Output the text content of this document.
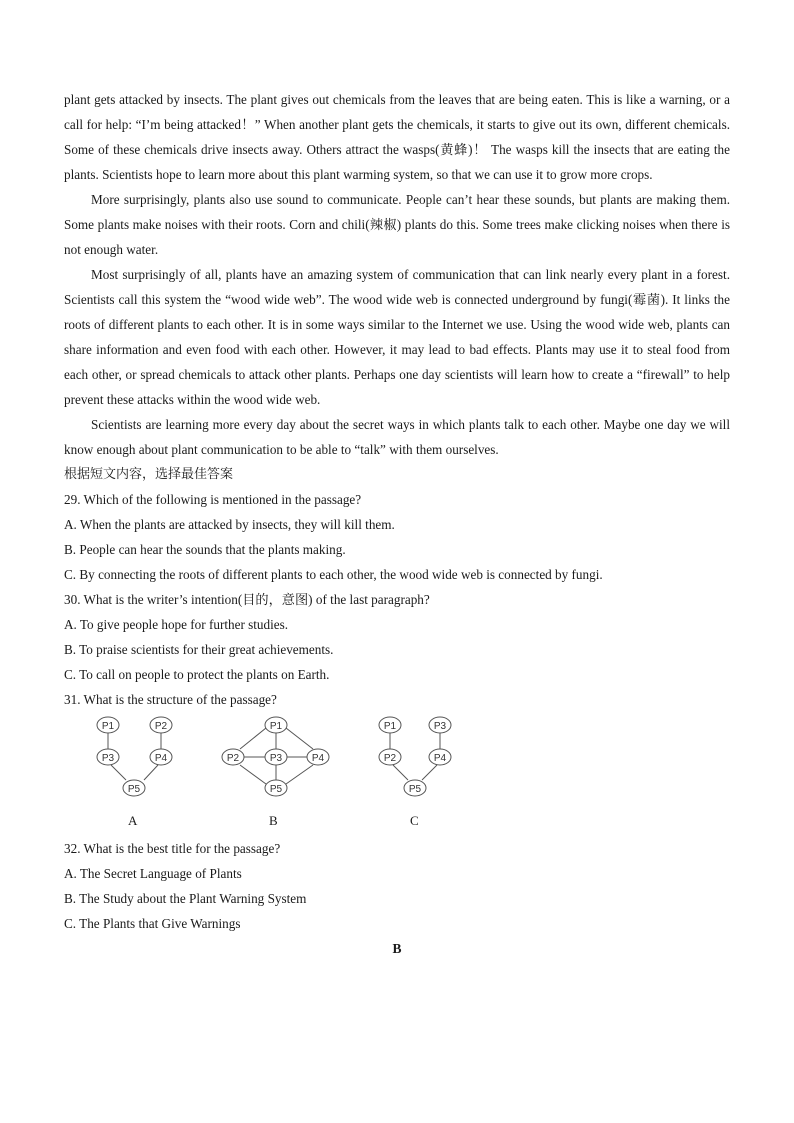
plant gets attacked by insects. The plant gives out chemicals from the leaves that are being eaten. This is like a warning, or a call for help: “I’m being attacked！” When another plant gets the chemicals, it starts to give out its own, different chemicals. Some of these chemicals drive insects away. Others attract the wasps(黄蜂)！ The wasps kill the insects that are eating the plants. Scientists hope to learn more about this plant warming system, so that we can use it to grow more crops.

More surprisingly, plants also use sound to communicate. People can’t hear these sounds, but plants are making them. Some plants make noises with their roots. Corn and chili(辣椒) plants do this. Some trees make clicking noises when there is not enough water.

Most surprisingly of all, plants have an amazing system of communication that can link nearly every plant in a forest. Scientists call this system the “wood wide web”. The wood wide web is connected underground by fungi(霉菌). It links the roots of different plants to each other. It is in some ways similar to the Internet we use. Using the wood wide web, plants can share information and even food with each other. However, it may lead to bad effects. Plants may use it to steal food from each other, or spread chemicals to attack other plants. Perhaps one day scientists will learn how to create a “firewall” to help prevent these attacks within the wood wide web.

Scientists are learning more every day about the secret ways in which plants talk to each other. Maybe one day we will know enough about plant communication to be able to “talk” with them ourselves.

根据短文内容，选择最佳答案

29. Which of the following is mentioned in the passage?

A. When the plants are attacked by insects, they will kill them.

B. People can hear the sounds that the plants making.

C. By connecting the roots of different plants to each other, the wood wide web is connected by fungi.

30. What is the writer’s intention(目的，意图) of the last paragraph?

A. To give people hope for further studies.

B. To praise scientists for their great achievements.

C. To call on people to protect the plants on Earth.

31. What is the structure of the passage?

P1	P2
P3	P4
P5
A
P1
P2	P3	P4
P5
B
P1	P3
P2	P4
P5
C

32. What is the best title for the passage?

A. The Secret Language of Plants

B. The Study about the Plant Warning System

C. The Plants that Give Warnings

B
